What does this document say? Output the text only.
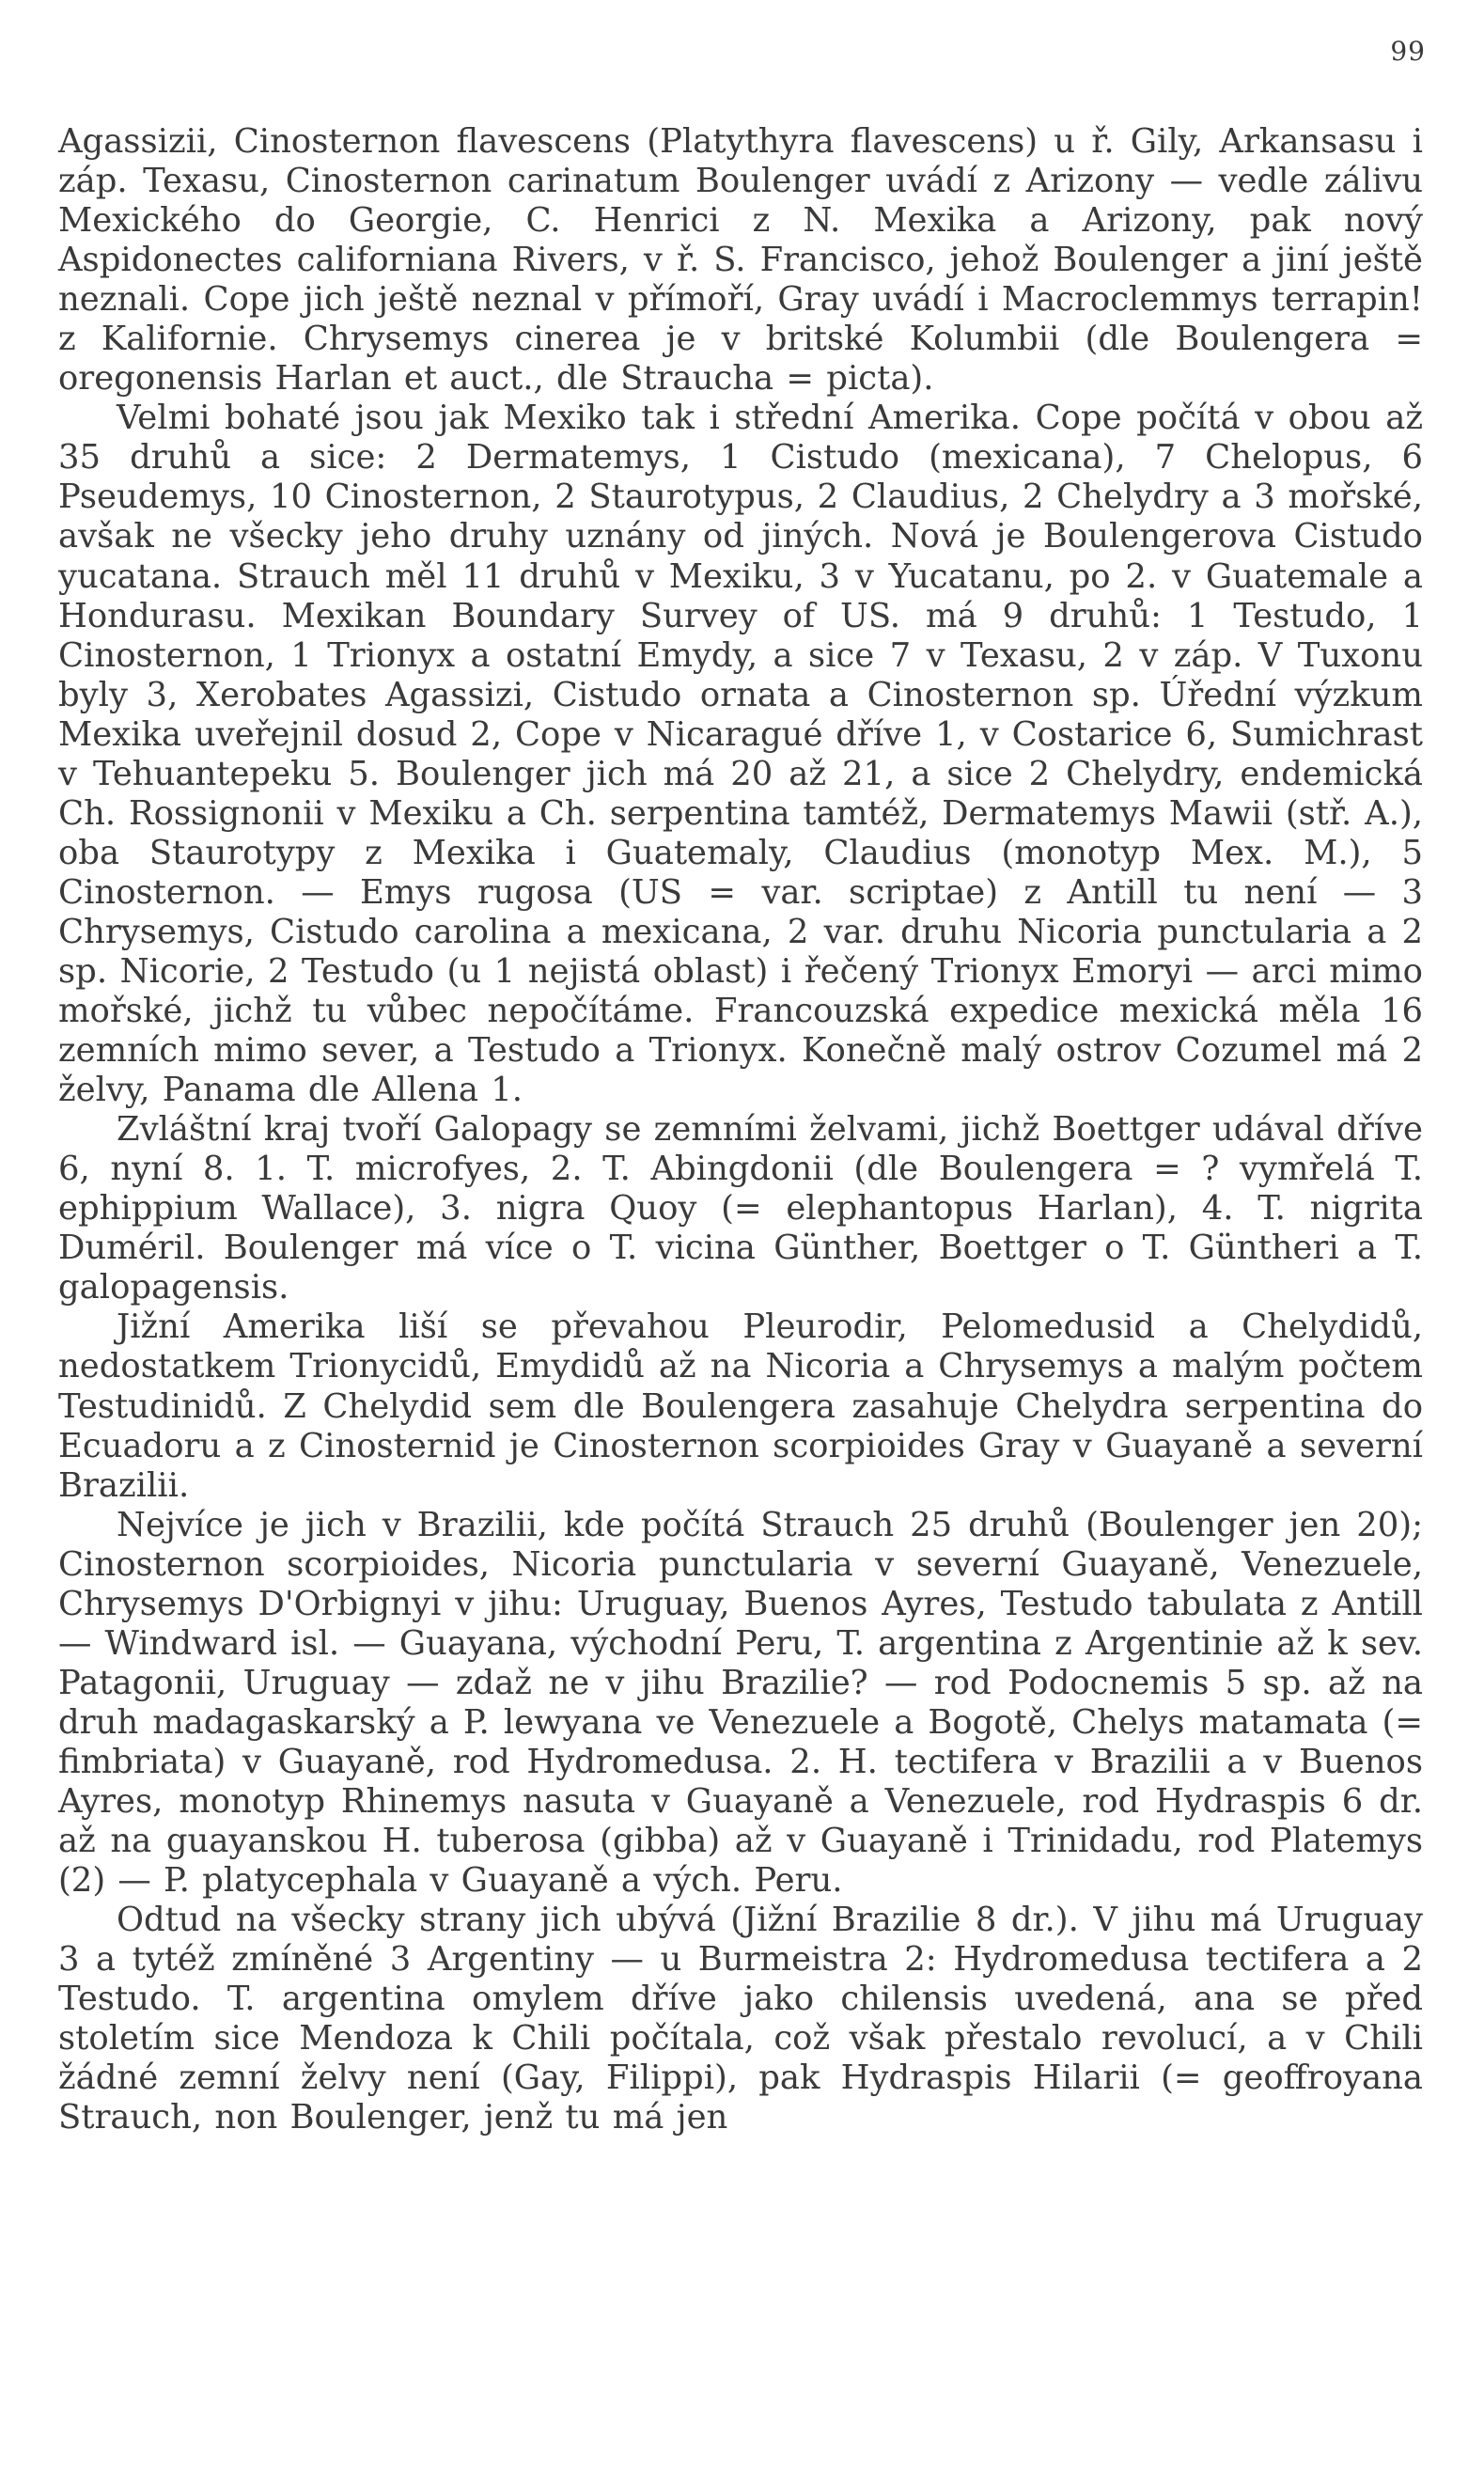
99

Agassizii, Cinosternon flavescens (Platythyra flavescens) u ř. Gily, Arkansasu i záp. Texasu, Cinosternon carinatum Boulenger uvádí z Arizony — vedle zálivu Mexického do Georgie, C. Henrici z N. Mexika a Arizony, pak nový Aspidonectes californiana Rivers, v ř. S. Francisco, jehož Boulenger a jiní ještě neznali. Cope jich ještě neznal v přímoří, Gray uvádí i Macroclemmys terrapin! z Kalifornie. Chrysemys cinerea je v britské Kolumbii (dle Boulengera = oregonensis Harlan et auct., dle Straucha = picta).

Velmi bohaté jsou jak Mexiko tak i střední Amerika. Cope počítá v obou až 35 druhů a sice: 2 Dermatemys, 1 Cistudo (mexicana), 7 Chelopus, 6 Pseudemys, 10 Cinosternon, 2 Staurotypus, 2 Claudius, 2 Chelydry a 3 mořské, avšak ne všecky jeho druhy uznány od jiných. Nová je Boulengerova Cistudo yucatana. Strauch měl 11 druhů v Mexiku, 3 v Yucatanu, po 2. v Guatemale a Hondurasu. Mexikan Boundary Survey of US. má 9 druhů: 1 Testudo, 1 Cinosternon, 1 Trionyx a ostatní Emydy, a sice 7 v Texasu, 2 v záp. V Tuxonu byly 3, Xerobates Agassizi, Cistudo ornata a Cinosternon sp. Úřední výzkum Mexika uveřejnil dosud 2, Cope v Nicaragué dříve 1, v Costarice 6, Sumichrast v Tehuantepeku 5. Boulenger jich má 20 až 21, a sice 2 Chelydry, endemická Ch. Rossignonii v Mexiku a Ch. serpentina tamtéž, Dermatemys Mawii (stř. A.), oba Staurotypy z Mexika i Guatemaly, Claudius (monotyp Mex. M.), 5 Cinosternon. — Emys rugosa (US = var. scriptae) z Antill tu není — 3 Chrysemys, Cistudo carolina a mexicana, 2 var. druhu Nicoria punctularia a 2 sp. Nicorie, 2 Testudo (u 1 nejistá oblast) i řečený Trionyx Emoryi — arci mimo mořské, jichž tu vůbec nepočítáme. Francouzská expedice mexická měla 16 zemních mimo sever, a Testudo a Trionyx. Konečně malý ostrov Cozumel má 2 želvy, Panama dle Allena 1.

Zvláštní kraj tvoří Galopagy se zemními želvami, jichž Boettger udával dříve 6, nyní 8. 1. T. microfyes, 2. T. Abingdonii (dle Boulengera = ? vymřelá T. ephippium Wallace), 3. nigra Quoy (= elephantopus Harlan), 4. T. nigrita Duméril. Boulenger má více o T. vicina Günther, Boettger o T. Güntheri a T. galopagensis.

Jižní Amerika liší se převahou Pleurodir, Pelomedusid a Chelydidů, nedostatkem Trionycidů, Emydidů až na Nicoria a Chrysemys a malým počtem Testudinidů. Z Chelydid sem dle Boulengera zasahuje Chelydra serpentina do Ecuadoru a z Cinosternid je Cinosternon scorpioides Gray v Guayaně a severní Brazilii.

Nejvíce je jich v Brazilii, kde počítá Strauch 25 druhů (Boulenger jen 20); Cinosternon scorpioides, Nicoria punctularia v severní Guayaně, Venezuele, Chrysemys D'Orbignyi v jihu: Uruguay, Buenos Ayres, Testudo tabulata z Antill — Windward isl. — Guayana, východní Peru, T. argentina z Argentinie až k sev. Patagonii, Uruguay — zdaž ne v jihu Brazilie? — rod Podocnemis 5 sp. až na druh madagaskarský a P. lewyana ve Venezuele a Bogotě, Chelys matamata (= fimbriata) v Guayaně, rod Hydromedusa. 2. H. tectifera v Brazilii a v Buenos Ayres, monotyp Rhinemys nasuta v Guayaně a Venezuele, rod Hydraspis 6 dr. až na guayanskou H. tuberosa (gibba) až v Guayaně i Trinidadu, rod Platemys (2) — P. platycephala v Guayaně a vých. Peru.

Odtud na všecky strany jich ubývá (Jižní Brazilie 8 dr.). V jihu má Uruguay 3 a tytéž zmíněné 3 Argentiny — u Burmeistra 2: Hydromedusa tectifera a 2 Testudo. T. argentina omylem dříve jako chilensis uvedená, ana se před stoletím sice Mendoza k Chili počítala, což však přestalo revolucí, a v Chili žádné zemní želvy není (Gay, Filippi), pak Hydraspis Hilarii (= geoffroyana Strauch, non Boulenger, jenž tu má jen
